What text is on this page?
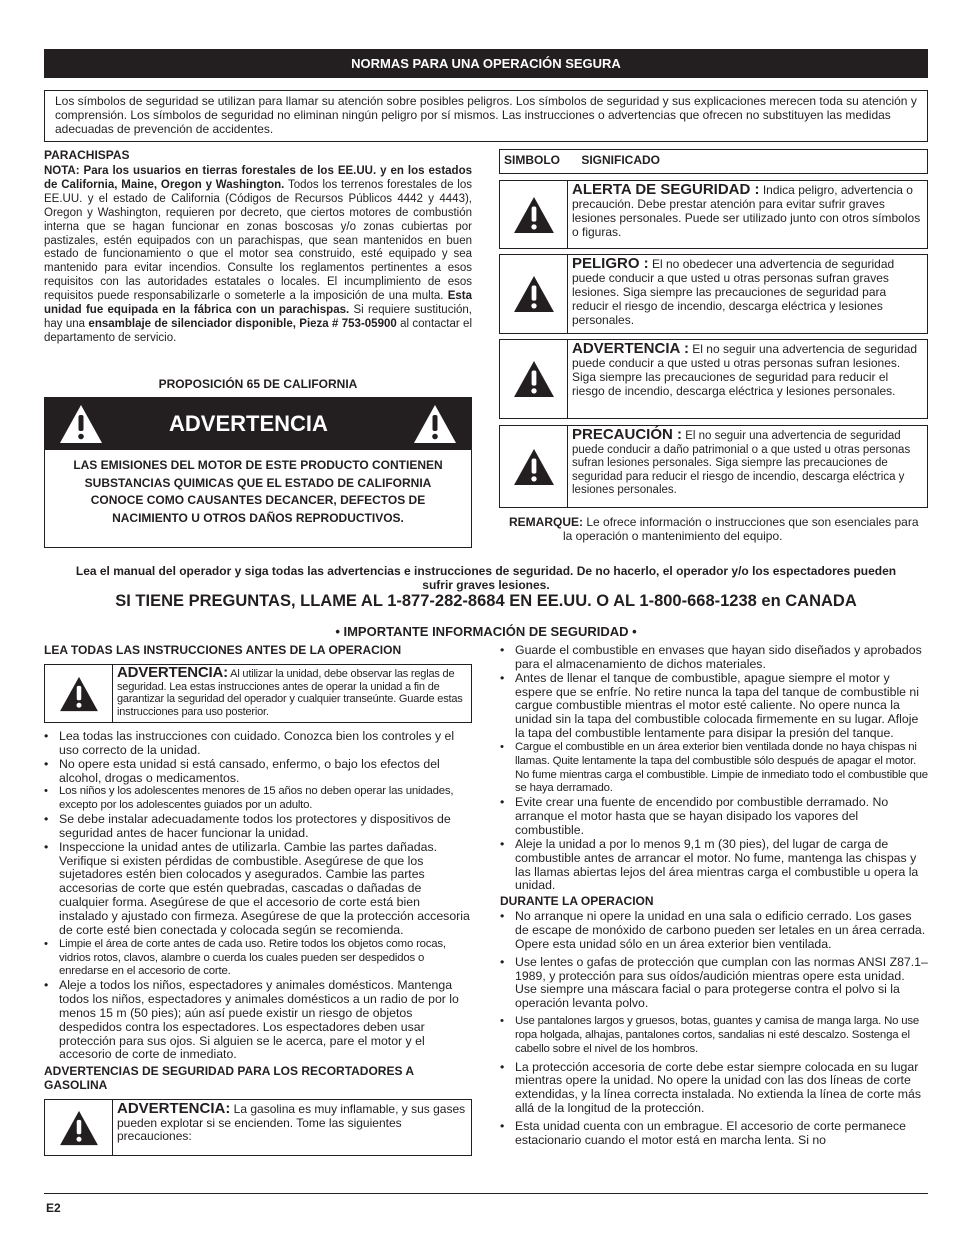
NORMAS PARA UNA OPERACIÓN SEGURA
Los símbolos de seguridad se utilizan para llamar su atención sobre posibles peligros. Los símbolos de seguridad y sus explicaciones merecen toda su atención y comprensión. Los símbolos de seguridad no eliminan ningún peligro por sí mismos. Las instrucciones o advertencias que ofrecen no substituyen las medidas adecuadas de prevención de accidentes.
PARACHISPAS
NOTA: Para los usuarios en tierras forestales de los EE.UU. y en los estados de California, Maine, Oregon y Washington. Todos los terrenos forestales de los EE.UU. y el estado de California (Códigos de Recursos Públicos 4442 y 4443), Oregon y Washington, requieren por decreto, que ciertos motores de combustión interna que se hagan funcionar en zonas boscosas y/o zonas cubiertas por pastizales, estén equipados con un parachispas, que sean mantenidos en buen estado de funcionamiento o que el motor sea construido, esté equipado y sea mantenido para evitar incendios. Consulte los reglamentos pertinentes a esos requisitos con las autoridades estatales o locales. El incumplimiento de esos requisitos puede responsabilizarle o someterle a la imposición de una multa. Esta unidad fue equipada en la fábrica con un parachispas. Si requiere sustitución, hay una ensamblaje de silenciador disponible, Pieza # 753-05900 al contactar el departamento de servicio.
PROPOSICIÓN 65 DE CALIFORNIA
ADVERTENCIA
LAS EMISIONES DEL MOTOR DE ESTE PRODUCTO CONTIENEN SUBSTANCIAS QUIMICAS QUE EL ESTADO DE CALIFORNIA CONOCE COMO CAUSANTES DECANCER, DEFECTOS DE NACIMIENTO U OTROS DAÑOS REPRODUCTIVOS.
SIMBOLO SIGNIFICADO
ALERTA DE SEGURIDAD : Indica peligro, advertencia o precaución. Debe prestar atención para evitar sufrir graves lesiones personales. Puede ser utilizado junto con otros símbolos o figuras.
PELIGRO : El no obedecer una advertencia de seguridad puede conducir a que usted u otras personas sufran graves lesiones. Siga siempre las precauciones de seguridad para reducir el riesgo de incendio, descarga eléctrica y lesiones personales.
ADVERTENCIA : El no seguir una advertencia de seguridad puede conducir a que usted u otras personas sufran lesiones. Siga siempre las precauciones de seguridad para reducir el riesgo de incendio, descarga eléctrica y lesiones personales.
PRECAUCIÓN : El no seguir una advertencia de seguridad puede conducir a daño patrimonial o a que usted u otras personas sufran lesiones personales. Siga siempre las precauciones de seguridad para reducir el riesgo de incendio, descarga eléctrica y lesiones personales.
REMARQUE: Le ofrece información o instrucciones que son esenciales para la operación o mantenimiento del equipo.
Lea el manual del operador y siga todas las advertencias e instrucciones de seguridad. De no hacerlo, el operador y/o los espectadores pueden sufrir graves lesiones.
SI TIENE PREGUNTAS, LLAME AL 1-877-282-8684 EN EE.UU. O AL 1-800-668-1238 en CANADA
• IMPORTANTE INFORMACIÓN DE SEGURIDAD •
LEA TODAS LAS INSTRUCCIONES ANTES DE LA OPERACION
ADVERTENCIA: Al utilizar la unidad, debe observar las reglas de seguridad. Lea estas instrucciones antes de operar la unidad a fin de garantizar la seguridad del operador y cualquier transeúnte. Guarde estas instrucciones para uso posterior.
• Lea todas las instrucciones con cuidado. Conozca bien los controles y el uso correcto de la unidad.
• No opere esta unidad si está cansado, enfermo, o bajo los efectos del alcohol, drogas o medicamentos.
• Los niños y los adolescentes menores de 15 años no deben operar las unidades, excepto por los adolescentes guiados por un adulto.
• Se debe instalar adecuadamente todos los protectores y dispositivos de seguridad antes de hacer funcionar la unidad.
• Inspeccione la unidad antes de utilizarla. Cambie las partes dañadas. Verifique si existen pérdidas de combustible. Asegúrese de que los sujetadores estén bien colocados y asegurados. Cambie las partes accesorias de corte que estén quebradas, cascadas o dañadas de cualquier forma. Asegúrese de que el accesorio de corte está bien instalado y ajustado con firmeza. Asegúrese de que la protección accesoria de corte esté bien conectada y colocada según se recomienda.
• Limpie el área de corte antes de cada uso. Retire todos los objetos como rocas, vidrios rotos, clavos, alambre o cuerda los cuales pueden ser despedidos o enredarse en el accesorio de corte.
• Aleje a todos los niños, espectadores y animales domésticos. Mantenga todos los niños, espectadores y animales domésticos a un radio de por lo menos 15 m (50 pies); aún así puede existir un riesgo de objetos despedidos contra los espectadores. Los espectadores deben usar protección para sus ojos. Si alguien se le acerca, pare el motor y el accesorio de corte de inmediato.
ADVERTENCIAS DE SEGURIDAD PARA LOS RECORTADORES A GASOLINA
ADVERTENCIA: La gasolina es muy inflamable, y sus gases pueden explotar si se encienden. Tome las siguientes precauciones:
• Guarde el combustible en envases que hayan sido diseñados y aprobados para el almacenamiento de dichos materiales.
• Antes de llenar el tanque de combustible, apague siempre el motor y espere que se enfríe. No retire nunca la tapa del tanque de combustible ni cargue combustible mientras el motor esté caliente. No opere nunca la unidad sin la tapa del combustible colocada firmemente en su lugar. Afloje la tapa del combustible lentamente para disipar la presión del tanque.
• Cargue el combustible en un área exterior bien ventilada donde no haya chispas ni llamas. Quite lentamente la tapa del combustible sólo después de apagar el motor. No fume mientras carga el combustible. Limpie de inmediato todo el combustible que se haya derramado.
• Evite crear una fuente de encendido por combustible derramado. No arranque el motor hasta que se hayan disipado los vapores del combustible.
• Aleje la unidad a por lo menos 9,1 m (30 pies), del lugar de carga de combustible antes de arrancar el motor. No fume, mantenga las chispas y las llamas abiertas lejos del área mientras carga el combustible u opera la unidad.
DURANTE LA OPERACION
• No arranque ni opere la unidad en una sala o edificio cerrado. Los gases de escape de monóxido de carbono pueden ser letales en un área cerrada. Opere esta unidad sólo en un área exterior bien ventilada.
• Use lentes o gafas de protección que cumplan con las normas ANSI Z87.1–1989, y protección para sus oídos/audición mientras opere esta unidad. Use siempre una máscara facial o para protegerse contra el polvo si la operación levanta polvo.
• Use pantalones largos y gruesos, botas, guantes y camisa de manga larga. No use ropa holgada, alhajas, pantalones cortos, sandalias ni esté descalzo. Sostenga el cabello sobre el nivel de los hombros.
• La protección accesoria de corte debe estar siempre colocada en su lugar mientras opere la unidad. No opere la unidad con las dos líneas de corte extendidas, y la línea correcta instalada. No extienda la línea de corte más allá de la longitud de la protección.
• Esta unidad cuenta con un embrague. El accesorio de corte permanece estacionario cuando el motor está en marcha lenta. Si no
E2
